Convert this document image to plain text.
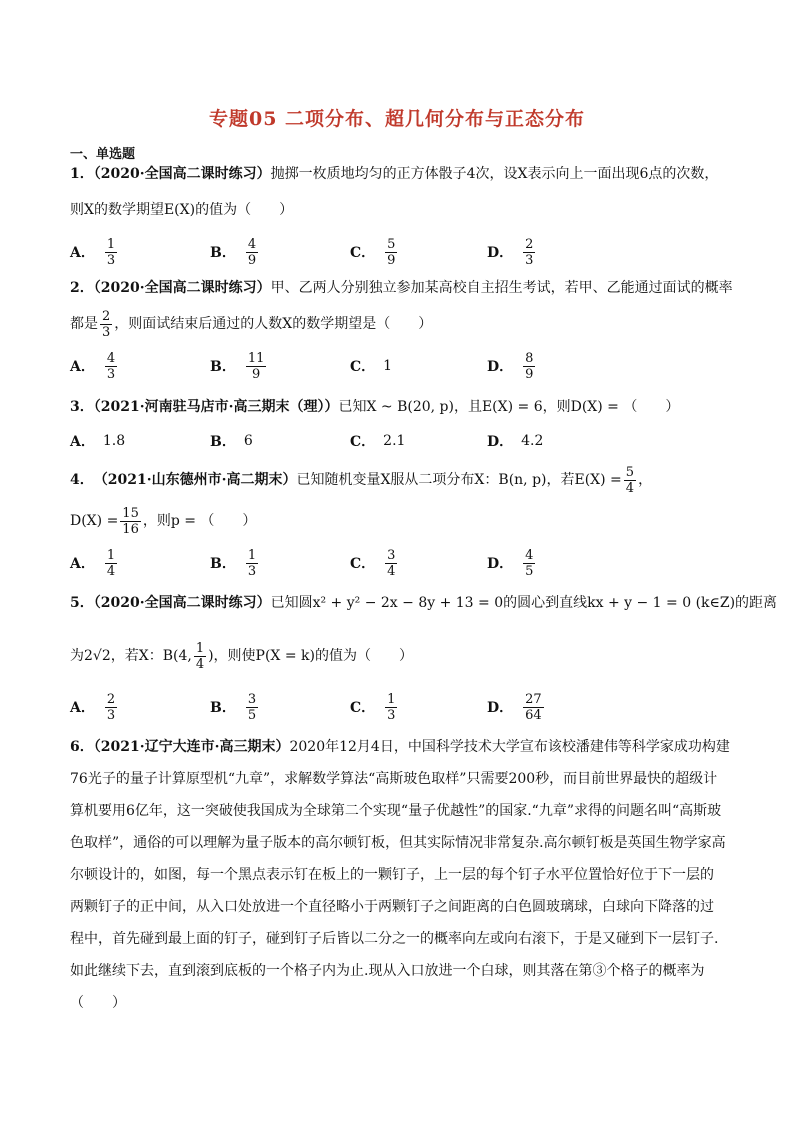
专题05 二项分布、超几何分布与正态分布
一、单选题
1．（2020·全国高二课时练习）抛掷一枚质地均匀的正方体骰子4次，设X表示向上一面出现6点的次数，
则X的数学期望E(X)的值为（　　）
A． $\frac{1}{3}$	B． $\frac{4}{9}$	C． $\frac{5}{9}$	D． $\frac{2}{3}$
2．（2020·全国高二课时练习）甲、乙两人分别独立参加某高校自主招生考试，若甲、乙能通过面试的概率
都是 $\frac{2}{3}$ ，则面试结束后通过的人数X的数学期望是（　　）
A． $\frac{4}{3}$	B． $\frac{11}{9}$	C． 1	D． $\frac{8}{9}$
3．（2021·河南驻马店市·高三期末（理））已知X ~ B(20, p)，且E(X) = 6，则D(X) = （　　）
A． 1.8	B． 6	C． 2.1	D． 4.2
4． （2021·山东德州市·高二期末） 已知随机变量X服从二项分布X：B(n, p)，若$E(X) = \frac{5}{4}$ ，
$D(X) = \frac{15}{16}$ ，则p = （　　）
A． $\frac{1}{4}$	B． $\frac{1}{3}$	C． $\frac{3}{4}$	D． $\frac{4}{5}$
5．（2020·全国高二课时练习）已知圆x² + y² − 2x − 8y + 13 = 0的圆心到直线kx + y − 1 = 0 (k∈Z)的距离
为2√2，若X：B(4, $\frac{1}{4}$ )，则使P(X = k)的值为（　　）
A． $\frac{2}{3}$	B． $\frac{3}{5}$	C． $\frac{1}{3}$	D． $\frac{27}{64}$
6．（2021·辽宁大连市·高三期末）2020年12月4日，中国科学技术大学宣布该校潘建伟等科学家成功构建
76光子的量子计算原型机“九章”，求解数学算法“高斯玻色取样”只需要200秒，而目前世界最快的超级计
算机要用6亿年，这一突破使我国成为全球第二个实现“量子优越性”的国家.“九章”求得的问题名叫“高斯玻
色取样”，通俗的可以理解为量子版本的高尔顿钉板，但其实际情况非常复杂.高尔顿钉板是英国生物学家高
尔顿设计的，如图，每一个黑点表示钉在板上的一颗钉子，上一层的每个钉子水平位置恰好位于下一层的
两颗钉子的正中间，从入口处放进一个直径略小于两颗钉子之间距离的白色圆玻璃球，白球向下降落的过
程中，首先碰到最上面的钉子，碰到钉子后皆以二分之一的概率向左或向右滚下，于是又碰到下一层钉子.
如此继续下去，直到滚到底板的一个格子内为止.现从入口放进一个白球，则其落在第③个格子的概率为
（　　）
